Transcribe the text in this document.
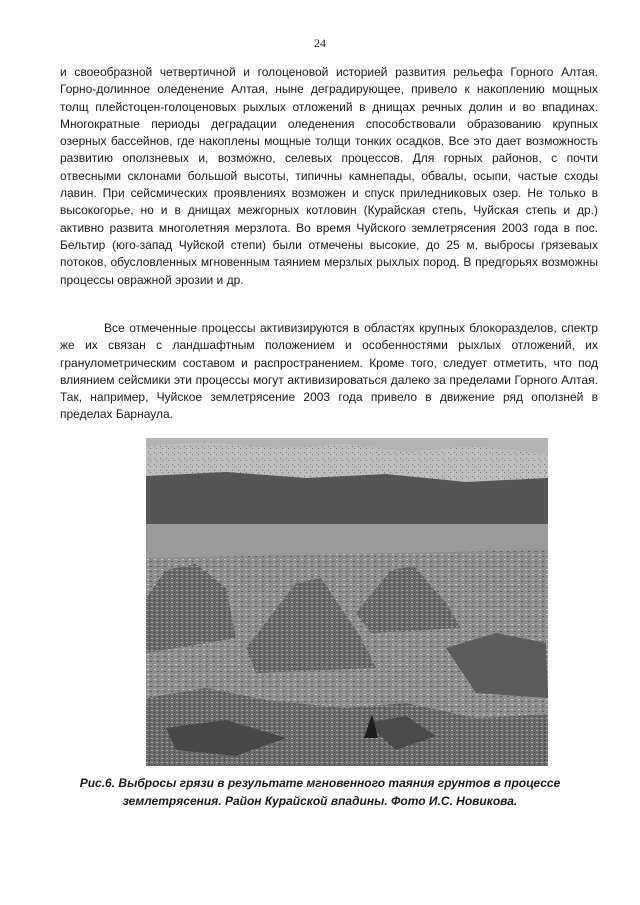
24

и своеобразной четвертичной и голоценовой историей развития рельефа Горного Алтая. Горно-долинное оледенение Алтая, ныне деградирующее, привело к накоплению мощных толщ плейстоцен-голоценовых рыхлых отложений в днищах речных долин и во впадинах. Многократные периоды деградации оледенения способствовали образованию крупных озерных бассейнов, где накоплены мощные толщи тонких осадков. Все это дает возможность развитию оползневых и, возможно, селевых процессов. Для горных районов, с почти отвесными склонами большой высоты, типичны камнепады, обвалы, осыпи, частые сходы лавин. При сейсмических проявлениях возможен и спуск приледниковых озер. Не только в высокогорье, но и в днищах межгорных котловин (Курайская степь, Чуйская степь и др.) активно развита многолетняя мерзлота. Во время Чуйского землетрясения 2003 года в пос. Бельтир (юго-запад Чуйской степи) были отмечены высокие, до 25 м, выбросы грязеваых потоков, обусловленных мгновенным таянием мерзлых рыхлых пород. В предгорьях возможны процессы овражной эрозии и др.

Все отмеченные процессы активизируются в областях крупных блокоразделов, спектр же их связан с ландшафтным положением и особенностями рыхлых отложений, их гранулометрическим составом и распространением. Кроме того, следует отметить, что под влиянием сейсмики эти процессы могут активизироваться далеко за пределами Горного Алтая. Так, например, Чуйское землетрясение 2003 года привело в движение ряд оползней в пределах Барнаула.

Рис.6. Выбросы грязи в результате мгновенного таяния грунтов в процессе
землетрясения. Район Курайской впадины. Фото И.С. Новикова.
